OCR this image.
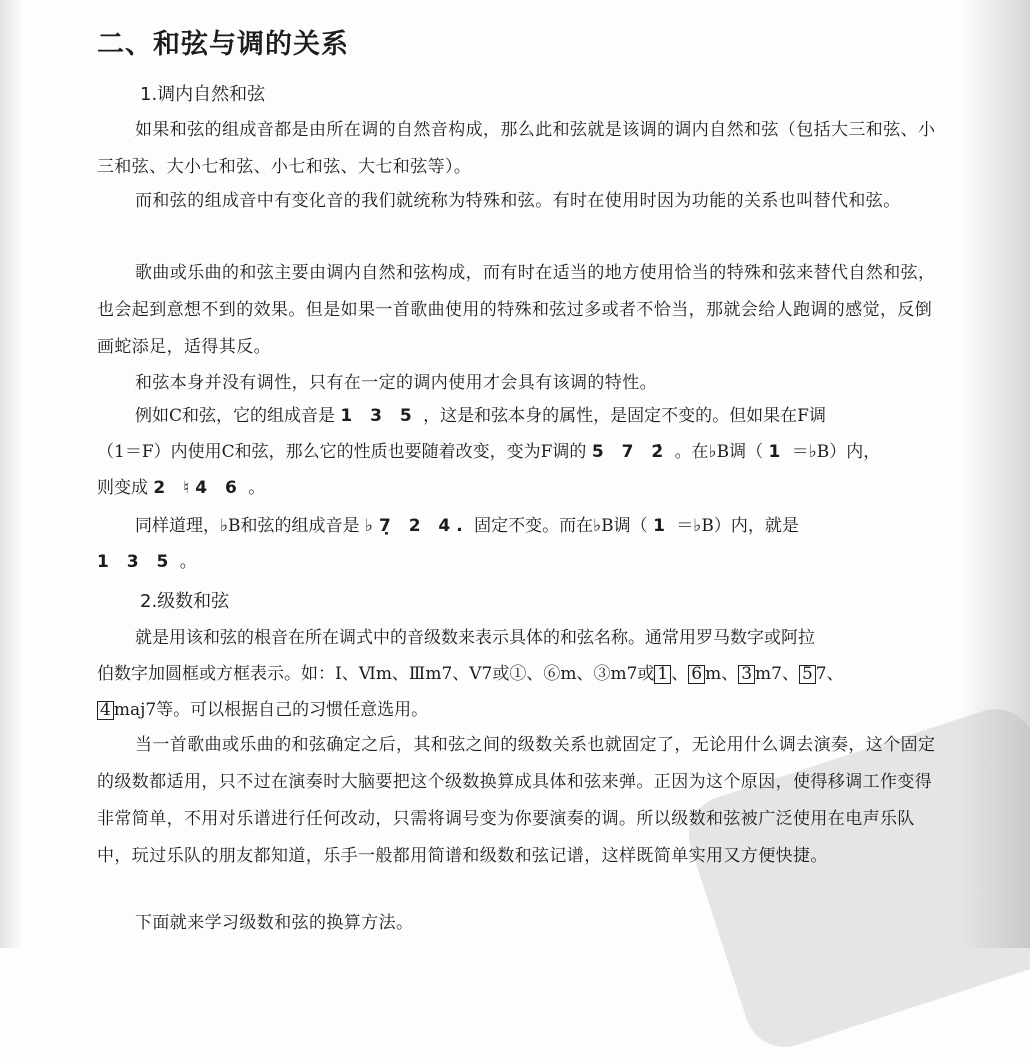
二、和弦与调的关系
1.调内自然和弦

如果和弦的组成音都是由所在调的自然音构成，那么此和弦就是该调的调内自然和弦（包括大三和弦、小三和弦、大小七和弦、小七和弦、大七和弦等）。

而和弦的组成音中有变化音的我们就统称为特殊和弦。有时在使用时因为功能的关系也叫替代和弦。

歌曲或乐曲的和弦主要由调内自然和弦构成，而有时在适当的地方使用恰当的特殊和弦来替代自然和弦，也会起到意想不到的效果。但是如果一首歌曲使用的特殊和弦过多或者不恰当，那就会给人跑调的感觉，反倒画蛇添足，适得其反。

和弦本身并没有调性，只有在一定的调内使用才会具有该调的特性。

例如C和弦，它的组成音是 1 3 5 ，这是和弦本身的属性，是固定不变的。但如果在F调
（1＝F）内使用C和弦，那么它的性质也要随着改变，变为F调的 5 7 2̇ 。在♭B调（ 1 ＝♭B）内，
则变成 2 ♮4 6 。
同样道理，♭B和弦的组成音是 ♭7̣ 2 4. 固定不变。而在♭B调（ 1 ＝♭B）内，就是
1 3 5 。
2.级数和弦
就是用该和弦的根音在所在调式中的音级数来表示具体的和弦名称。通常用罗马数字或阿拉
伯数字加圆框或方框表示。如：Ⅰ、Ⅵm、Ⅲm7、Ⅴ7或①、⑥m、③m7或 1 、 6 m、 3 m7、 5 7、
4 maj7等。可以根据自己的习惯任意选用。

当一首歌曲或乐曲的和弦确定之后，其和弦之间的级数关系也就固定了，无论用什么调去演奏，这个固定的级数都适用，只不过在演奏时大脑要把这个级数换算成具体和弦来弹。正因为这个原因，使得移调工作变得非常简单，不用对乐谱进行任何改动，只需将调号变为你要演奏的调。所以级数和弦被广泛使用在电声乐队中，玩过乐队的朋友都知道，乐手一般都用简谱和级数和弦记谱，这样既简单实用又方便快捷。

下面就来学习级数和弦的换算方法。
